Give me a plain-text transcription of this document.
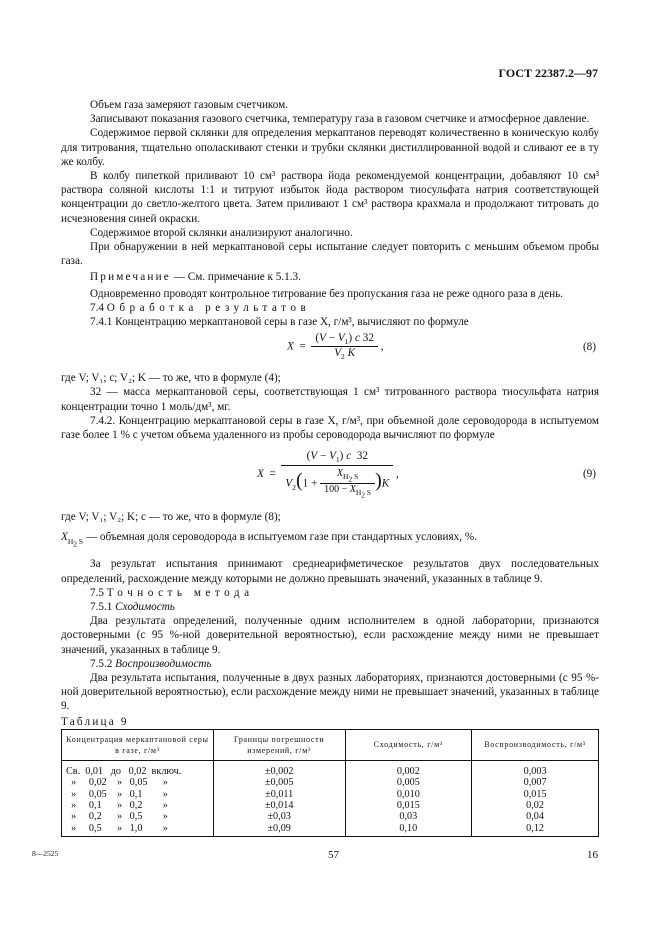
ГОСТ 22387.2—97

Объем газа замеряют газовым счетчиком.

Записывают показания газового счетчика, температуру газа в газовом счетчике и атмосферное давление.

Содержимое первой склянки для определения меркаптанов переводят количественно в коническую колбу для титрования, тщательно ополаскивают стенки и трубки склянки дистиллированной водой и сливают ее в ту же колбу.

В колбу пипеткой приливают 10 см³ раствора йода рекомендуемой концентрации, добавляют 10 см³ раствора соляной кислоты 1:1 и титруют избыток йода раствором тиосульфата натрия соответствующей концентрации до светло-желтого цвета. Затем приливают 1 см³ раствора крахмала и продолжают титровать до исчезновения синей окраски.

Содержимое второй склянки анализируют аналогично.

При обнаружении в ней меркаптановой серы испытание следует повторить с меньшим объемом пробы газа.

Примечание — См. примечание к 5.1.3.

Одновременно проводят контрольное титрование без пропускания газа не реже одного раза в день.

7.4 Обработка результатов

7.4.1 Концентрацию меркаптановой серы в газе X, г/м³, вычисляют по формуле

$X = \frac{(V - V_1) c 32}{V_2 K}$ ,	(8)

где V; V₁; c; V₂; K — то же, что в формуле (4);

32 — масса меркаптановой серы, соответствующая 1 см³ титрованного раствора тиосульфата натрия концентрации точно 1 моль/дм³, мг.

7.4.2. Концентрацию меркаптановой серы в газе X, г/м³, при объемной доле сероводорода в испытуемом газе более 1 % с учетом объема удаленного из пробы сероводорода вычисляют по формуле

$X = \frac{(V - V_1) c 32}{V_2(1 + \frac{X_{H_2 S}}{100 - X_{H_2 S}} )K}$ ,	(9)

где V; V₁; V₂; K; c — то же, что в формуле (8);

$X_{H_2 S}$ — объемная доля сероводорода в испытуемом газе при стандартных условиях, %.

За результат испытания принимают среднеарифметическое результатов двух последовательных определений, расхождение между которыми не должно превышать значений, указанных в таблице 9.

7.5 Точность метода

7.5.1 Сходимость

Два результата определений, полученные одним исполнителем в одной лаборатории, признаются достоверными (с 95 %-ной доверительной вероятностью), если расхождение между ними не превышает значений, указанных в таблице 9.

7.5.2 Воспроизводимость

Два результата испытания, полученные в двух разных лабораториях, признаются достоверными (с 95 %-ной доверительной вероятностью), если расхождение между ними не превышает значений, указанных в таблице 9.

Таблица 9

Концентрация меркаптановой серы в газе, г/м³	Границы погрешности измерений, г/м³	Сходимость, г/м³	Воспроизводимость, г/м³
Св.  0,01   до   0,02  включ.	±0,002	0,002	0,003
»     0,02    »   0,05      »	±0,005	0,005	0,007
»     0,05    »   0,1        »	±0,011	0,010	0,015
»     0,1      »   0,2        »	±0,014	0,015	0,02
»     0,2      »   0,5        »	±0,03	0,03	0,04
»     0,5      »   1,0        »	±0,09	0,10	0,12
8—2525	57	16
